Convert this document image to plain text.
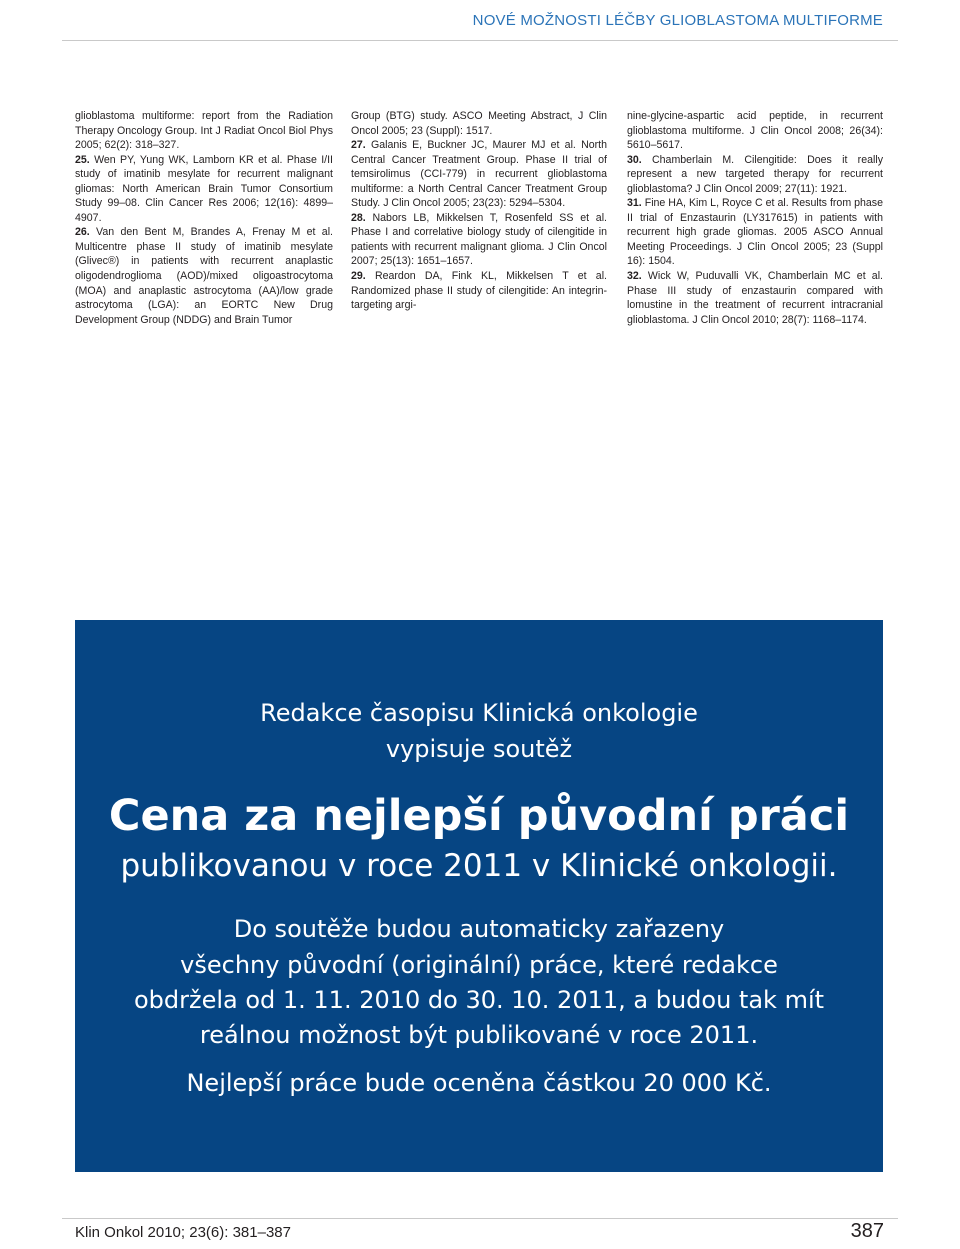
NOVÉ MOŽNOSTI LÉČBY GLIOBLASTOMA MULTIFORME

glioblastoma multiforme: report from the Radiation Therapy Oncology Group. Int J Radiat Oncol Biol Phys 2005; 62(2): 318–327.

25. Wen PY, Yung WK, Lamborn KR et al. Phase I/II study of imatinib mesylate for recurrent malignant gliomas: North American Brain Tumor Consortium Study 99–08. Clin Cancer Res 2006; 12(16): 4899–4907.

26. Van den Bent M, Brandes A, Frenay M et al. Multicentre phase II study of imatinib mesylate (Glivec®) in patients with recurrent anaplastic oligodendroglioma (AOD)/mixed oligoastrocytoma (MOA) and anaplastic astrocytoma (AA)/low grade astrocytoma (LGA): an EORTC New Drug Development Group (NDDG) and Brain Tumor

Group (BTG) study. ASCO Meeting Abstract, J Clin Oncol 2005; 23 (Suppl): 1517.

27. Galanis E, Buckner JC, Maurer MJ et al. North Central Cancer Treatment Group. Phase II trial of temsirolimus (CCI-779) in recurrent glioblastoma multiforme: a North Central Cancer Treatment Group Study. J Clin Oncol 2005; 23(23): 5294–5304.

28. Nabors LB, Mikkelsen T, Rosenfeld SS et al. Phase I and correlative biology study of cilengitide in patients with recurrent malignant glioma. J Clin Oncol 2007; 25(13): 1651–1657.

29. Reardon DA, Fink KL, Mikkelsen T et al. Randomized phase II study of cilengitide: An integrin-targeting argi-

nine-glycine-aspartic acid peptide, in recurrent glioblastoma multiforme. J Clin Oncol 2008; 26(34): 5610–5617.

30. Chamberlain M. Cilengitide: Does it really represent a new targeted therapy for recurrent glioblastoma? J Clin Oncol 2009; 27(11): 1921.

31. Fine HA, Kim L, Royce C et al. Results from phase II trial of Enzastaurin (LY317615) in patients with recurrent high grade gliomas. 2005 ASCO Annual Meeting Proceedings. J Clin Oncol 2005; 23 (Suppl 16): 1504.

32. Wick W, Puduvalli VK, Chamberlain MC et al. Phase III study of enzastaurin compared with lomustine in the treatment of recurrent intracranial glioblastoma. J Clin Oncol 2010; 28(7): 1168–1174.

Redakce časopisu Klinická onkologie
vypisuje soutěž
Cena za nejlepší původní práci
publikovanou v roce 2011 v Klinické onkologii.
Do soutěže budou automaticky zařazeny
všechny původní (originální) práce, které redakce
obdržela od 1. 11. 2010 do 30. 10. 2011, a budou tak mít
reálnou možnost být publikované v roce 2011.
Nejlepší práce bude oceněna částkou 20 000 Kč.
Klin Onkol 2010; 23(6): 381–387	387
